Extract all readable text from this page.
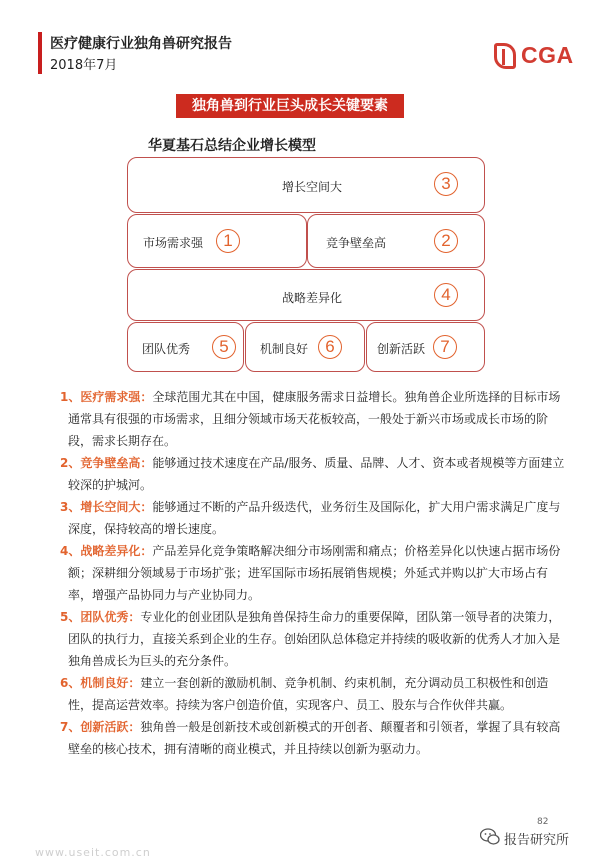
医疗健康行业独角兽研究报告
2018年7月	CGA
独角兽到行业巨头成长关键要素
华夏基石总结企业增长模型
增长空间大	3
市场需求强	1	竞争壁垒高	2
战略差异化	4
团队优秀	5	机制良好	6	创新活跃 7

1、医疗需求强：全球范围尤其在中国，健康服务需求日益增长。独角兽企业所选择的目标市场通常具有很强的市场需求，且细分领域市场天花板较高，一般处于新兴市场或成长市场的阶段，需求长期存在。

2、竞争壁垒高：能够通过技术速度在产品/服务、质量、品牌、人才、资本或者规模等方面建立较深的护城河。

3、增长空间大：能够通过不断的产品升级迭代，业务衍生及国际化，扩大用户需求满足广度与深度，保持较高的增长速度。

4、战略差异化：产品差异化竞争策略解决细分市场刚需和痛点；价格差异化以快速占据市场份额；深耕细分领域易于市场扩张；进军国际市场拓展销售规模；外延式并购以扩大市场占有率，增强产品协同力与产业协同力。

5、团队优秀：专业化的创业团队是独角兽保持生命力的重要保障，团队第一领导者的决策力，团队的执行力，直接关系到企业的生存。创始团队总体稳定并持续的吸收新的优秀人才加入是独角兽成长为巨头的充分条件。

6、机制良好：建立一套创新的激励机制、竞争机制、约束机制，充分调动员工积极性和创造性，提高运营效率。持续为客户创造价值，实现客户、员工、股东与合作伙伴共赢。

7、创新活跃：独角兽一般是创新技术或创新模式的开创者、颠覆者和引领者，掌握了具有较高壁垒的核心技术，拥有清晰的商业模式，并且持续以创新为驱动力。

www.useit.com.cn
82
报告研究所
